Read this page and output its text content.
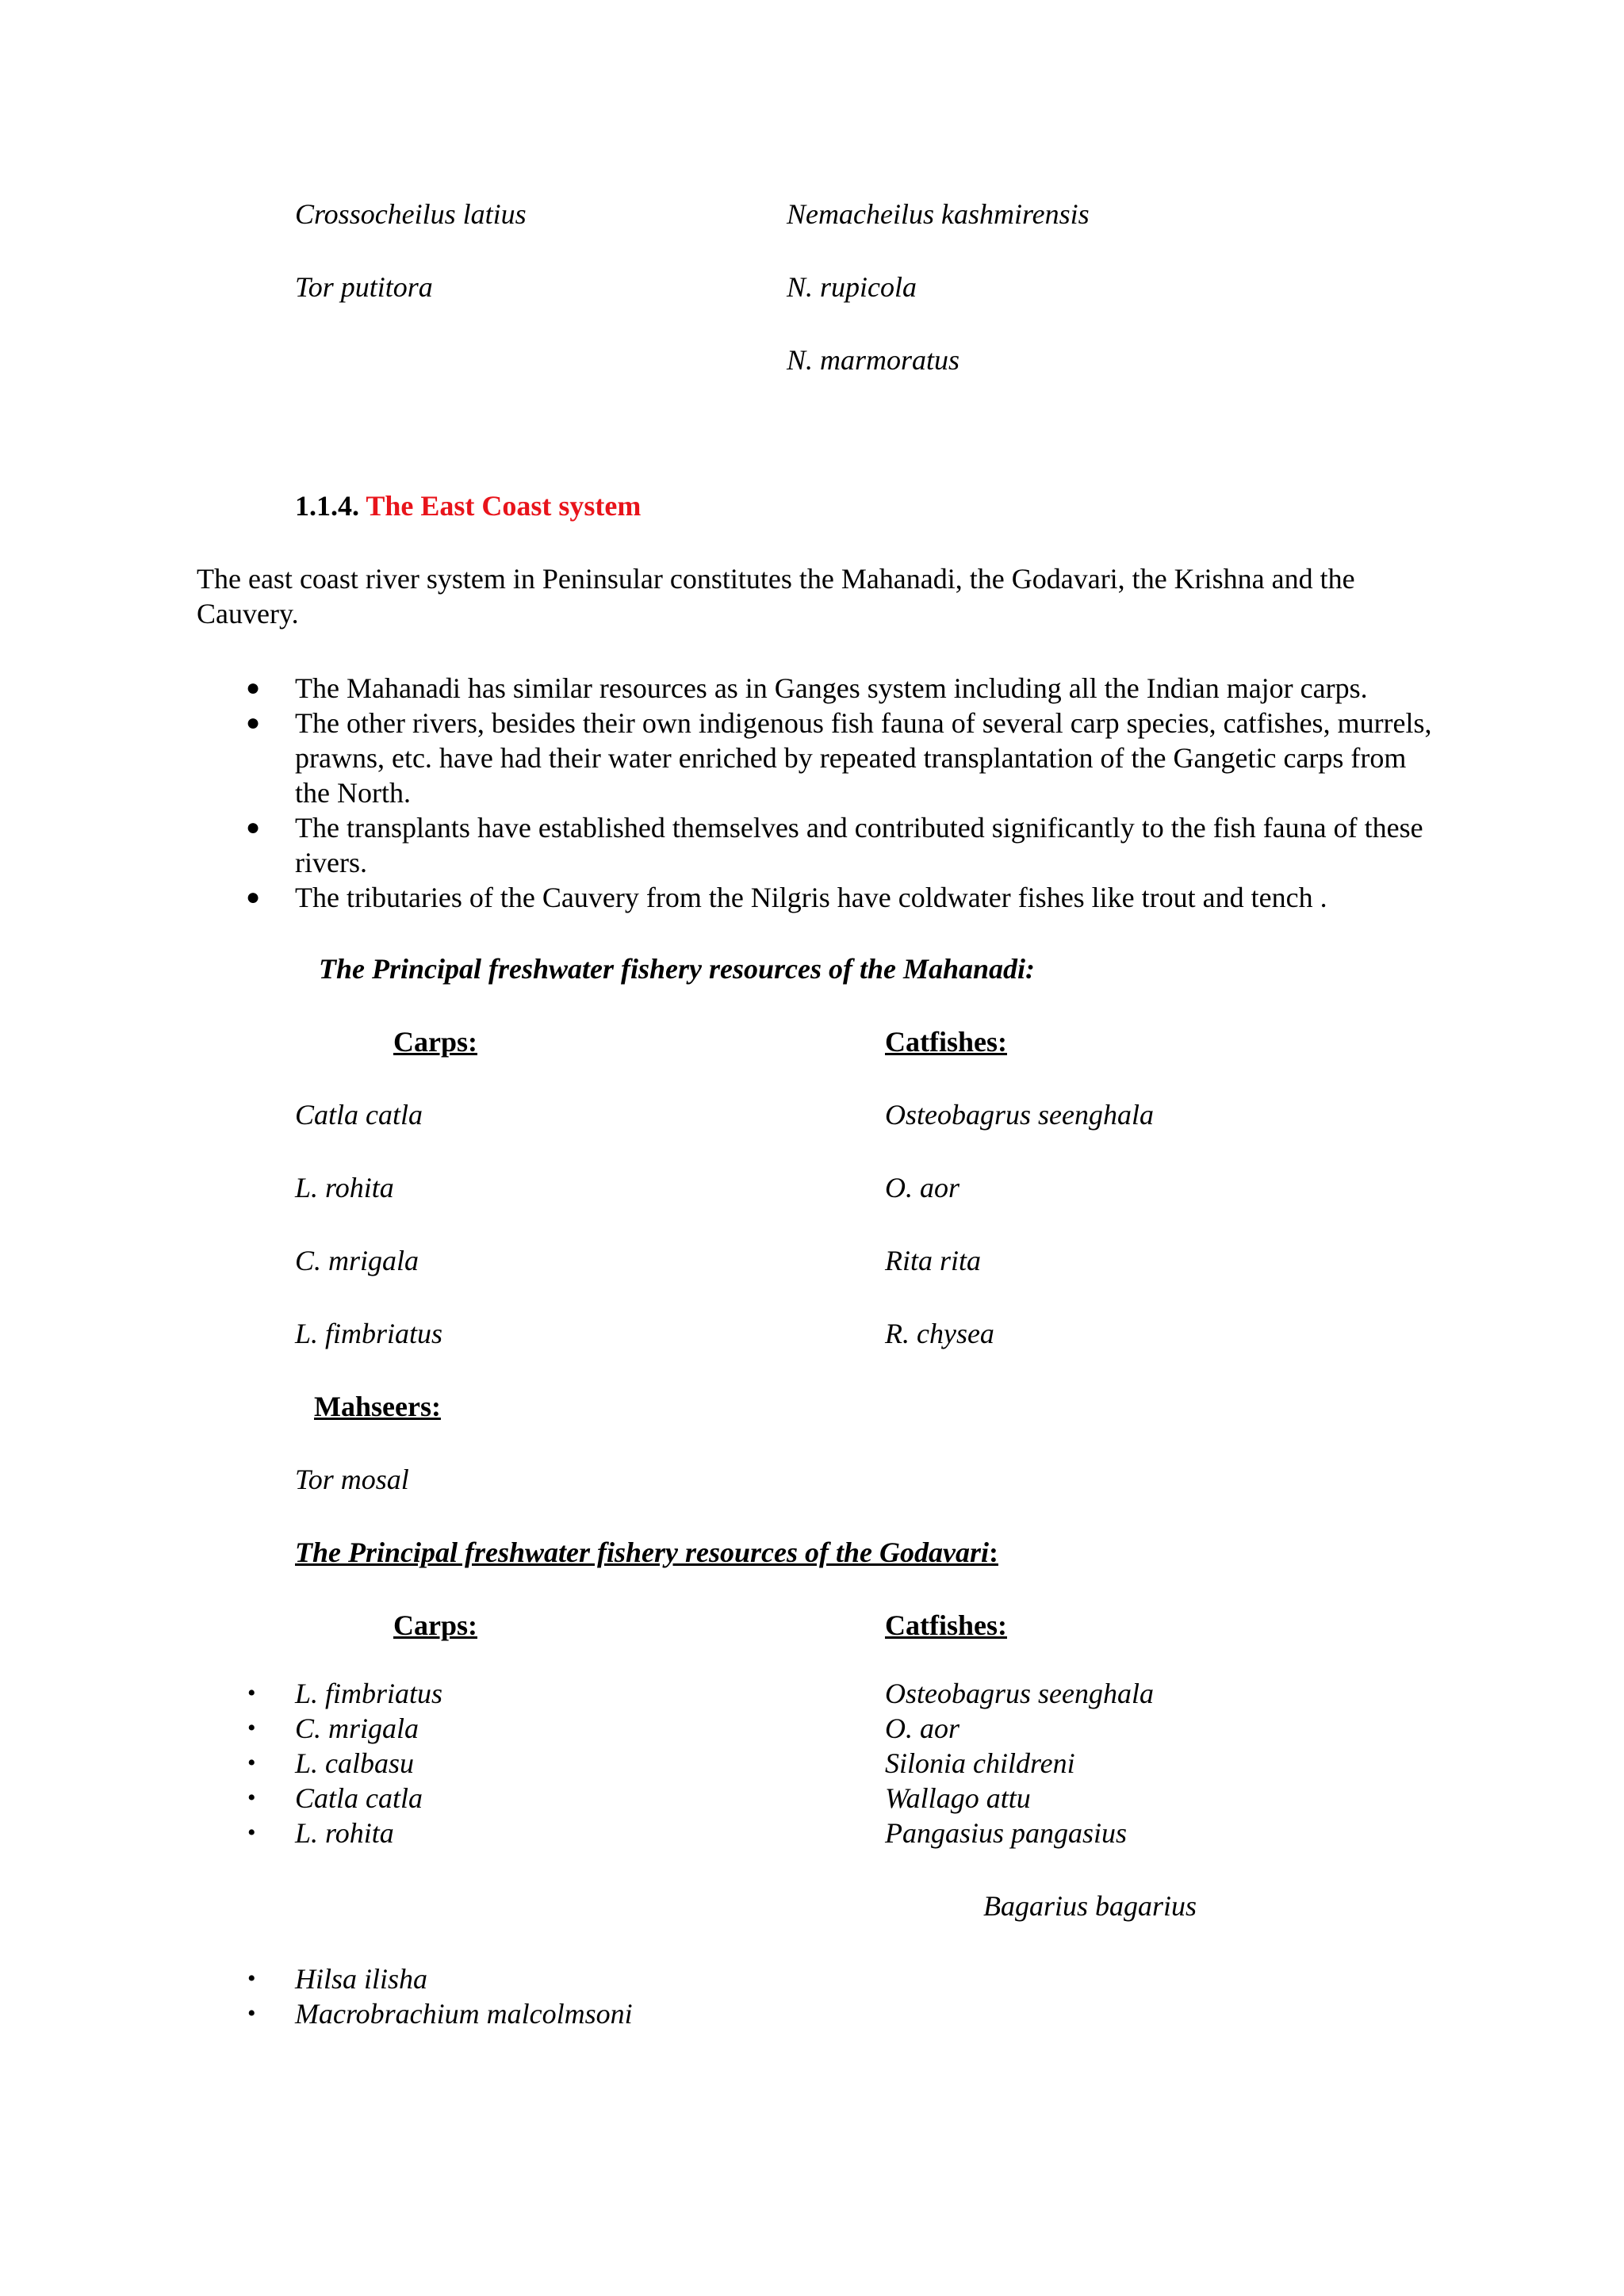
Crossocheilus latius
Tor putitora
Nemacheilus kashmirensis
N. rupicola
N. marmoratus
1.1.4. The East Coast system
The east coast river system in Peninsular constitutes the Mahanadi, the Godavari, the Krishna and the Cauvery.
● The Mahanadi has similar resources as in Ganges system including all the Indian major carps.
● The other rivers, besides their own indigenous fish fauna of several carp species, catfishes, murrels, prawns, etc. have had their water enriched by repeated transplantation of the Gangetic carps from the North.
● The transplants have established themselves and contributed significantly to the fish fauna of these rivers.
● The tributaries of the Cauvery from the Nilgris have coldwater fishes like trout and tench .
The Principal freshwater fishery resources of the Mahanadi:
Carps:	Catfishes:
Catla catla
L. rohita
C. mrigala
L. fimbriatus
Osteobagrus seenghala
O. aor
Rita rita
R. chysea
Mahseers:
Tor mosal
The Principal freshwater fishery resources of the Godavari:
Carps:	Catfishes:
• L. fimbriatus
• C. mrigala
• L. calbasu
• Catla catla
• L. rohita
Osteobagrus seenghala
O. aor
Silonia childreni
Wallago attu
Pangasius pangasius
Bagarius bagarius
• Hilsa ilisha
• Macrobrachium malcolmsoni
